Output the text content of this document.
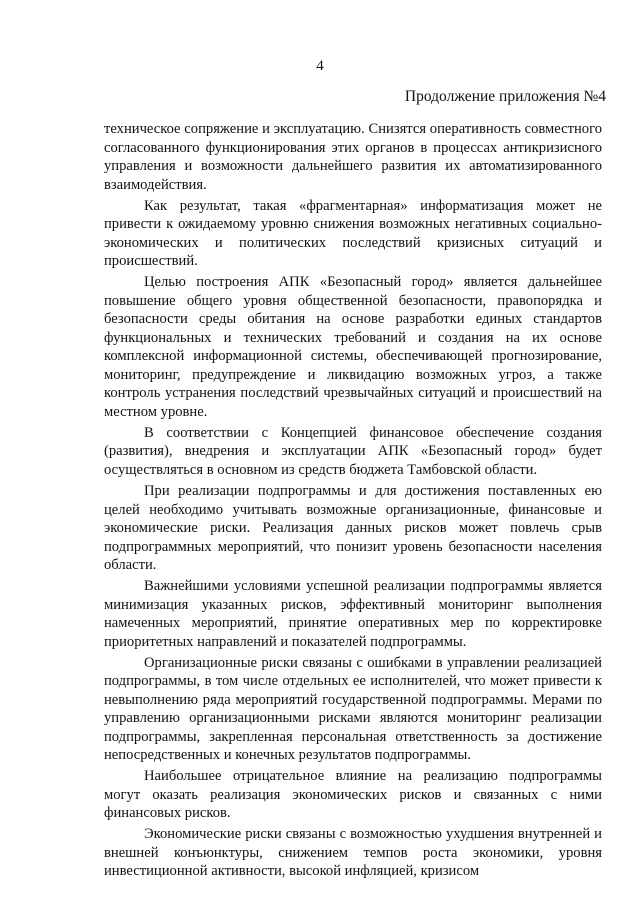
4
Продолжение приложения №4

техническое сопряжение и эксплуатацию. Снизятся оперативность совместного согласованного функционирования этих органов в процессах антикризисного управления и возможности дальнейшего развития их автоматизированного взаимодействия.

Как результат, такая «фрагментарная» информатизация может не привести к ожидаемому уровню снижения возможных негативных социально-экономических и политических последствий кризисных ситуаций и происшествий.

Целью построения АПК «Безопасный город» является дальнейшее повышение общего уровня общественной безопасности, правопорядка и безопасности среды обитания на основе разработки единых стандартов функциональных и технических требований и создания на их основе комплексной информационной системы, обеспечивающей прогнозирование, мониторинг, предупреждение и ликвидацию возможных угроз, а также контроль устранения последствий чрезвычайных ситуаций и происшествий на местном уровне.

В соответствии с Концепцией финансовое обеспечение создания (развития), внедрения и эксплуатации АПК «Безопасный город» будет осуществляться в основном из средств бюджета Тамбовской области.

При реализации подпрограммы и для достижения поставленных ею целей необходимо учитывать возможные организационные, финансовые и экономические риски. Реализация данных рисков может повлечь срыв подпрограммных мероприятий, что понизит уровень безопасности населения области.

Важнейшими условиями успешной реализации подпрограммы является минимизация указанных рисков, эффективный мониторинг выполнения намеченных мероприятий, принятие оперативных мер по корректировке приоритетных направлений и показателей подпрограммы.

Организационные риски связаны с ошибками в управлении реализацией подпрограммы, в том числе отдельных ее исполнителей, что может привести к невыполнению ряда мероприятий государственной подпрограммы. Мерами по управлению организационными рисками являются мониторинг реализации подпрограммы, закрепленная персональная ответственность за достижение непосредственных и конечных результатов подпрограммы.

Наибольшее отрицательное влияние на реализацию подпрограммы могут оказать реализация экономических рисков и связанных с ними финансовых рисков.

Экономические риски связаны с возможностью ухудшения внутренней и внешней конъюнктуры, снижением темпов роста экономики, уровня инвестиционной активности, высокой инфляцией, кризисом
